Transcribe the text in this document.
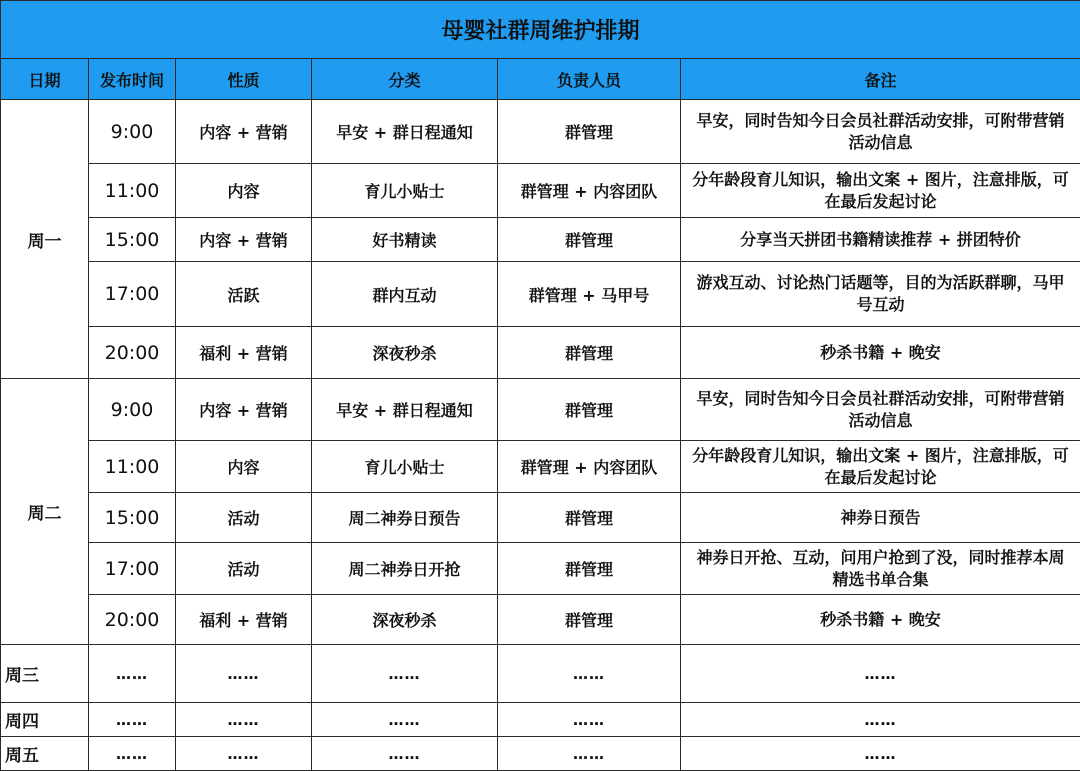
母婴社群周维护排期					
日期	发布时间	性质	分类	负责人员	备注
周一	9:00	内容 + 营销	早安 + 群日程通知	群管理	早安，同时告知今日会员社群活动安排，可附带营销活动信息
	11:00	内容	育儿小贴士	群管理 + 内容团队	分年龄段育儿知识，输出文案 + 图片，注意排版，可在最后发起讨论
	15:00	内容 + 营销	好书精读	群管理	分享当天拼团书籍精读推荐 + 拼团特价
	17:00	活跃	群内互动	群管理 + 马甲号	游戏互动、讨论热门话题等，目的为活跃群聊，马甲号互动
	20:00	福利 + 营销	深夜秒杀	群管理	秒杀书籍 + 晚安
周二	9:00	内容 + 营销	早安 + 群日程通知	群管理	早安，同时告知今日会员社群活动安排，可附带营销活动信息
	11:00	内容	育儿小贴士	群管理 + 内容团队	分年龄段育儿知识，输出文案 + 图片，注意排版，可在最后发起讨论
	15:00	活动	周二神券日预告	群管理	神券日预告
	17:00	活动	周二神券日开抢	群管理	神券日开抢、互动，问用户抢到了没，同时推荐本周精选书单合集
	20:00	福利 + 营销	深夜秒杀	群管理	秒杀书籍 + 晚安
周三	……	……	……	……	……
周四	……	……	……	……	……
周五	……	……	……	……	……
